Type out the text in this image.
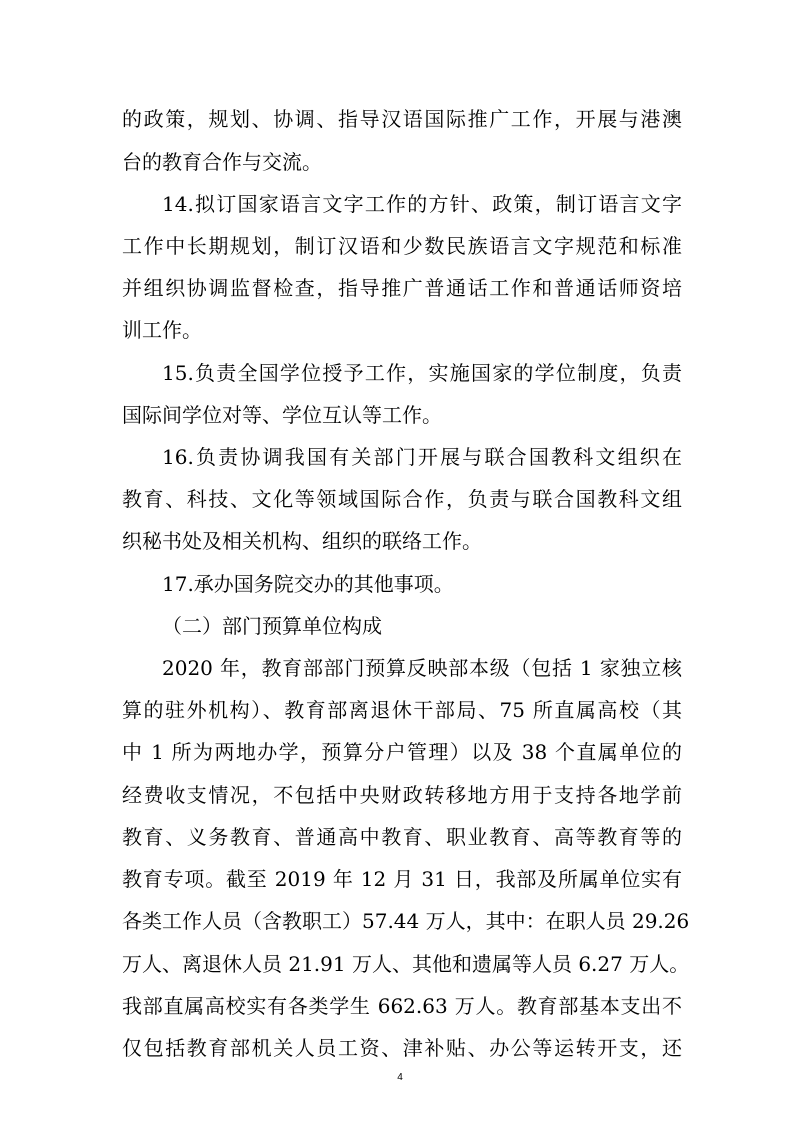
的政策，规划、协调、指导汉语国际推广工作，开展与港澳
台的教育合作与交流。
14.拟订国家语言文字工作的方针、政策，制订语言文字
工作中长期规划，制订汉语和少数民族语言文字规范和标准
并组织协调监督检查，指导推广普通话工作和普通话师资培
训工作。
15.负责全国学位授予工作，实施国家的学位制度，负责
国际间学位对等、学位互认等工作。
16.负责协调我国有关部门开展与联合国教科文组织在
教育、科技、文化等领域国际合作，负责与联合国教科文组
织秘书处及相关机构、组织的联络工作。
17.承办国务院交办的其他事项。
（二）部门预算单位构成
2020 年，教育部部门预算反映部本级（包括 1 家独立核
算的驻外机构）、教育部离退休干部局、75 所直属高校（其
中 1 所为两地办学，预算分户管理）以及 38 个直属单位的
经费收支情况，不包括中央财政转移地方用于支持各地学前
教育、义务教育、普通高中教育、职业教育、高等教育等的
教育专项。截至 2019 年 12 月 31 日，我部及所属单位实有
各类工作人员（含教职工）57.44 万人，其中：在职人员 29.26
万人、离退休人员 21.91 万人、其他和遗属等人员 6.27 万人。
我部直属高校实有各类学生 662.63 万人。教育部基本支出不
仅包括教育部机关人员工资、津补贴、办公等运转开支，还
4
